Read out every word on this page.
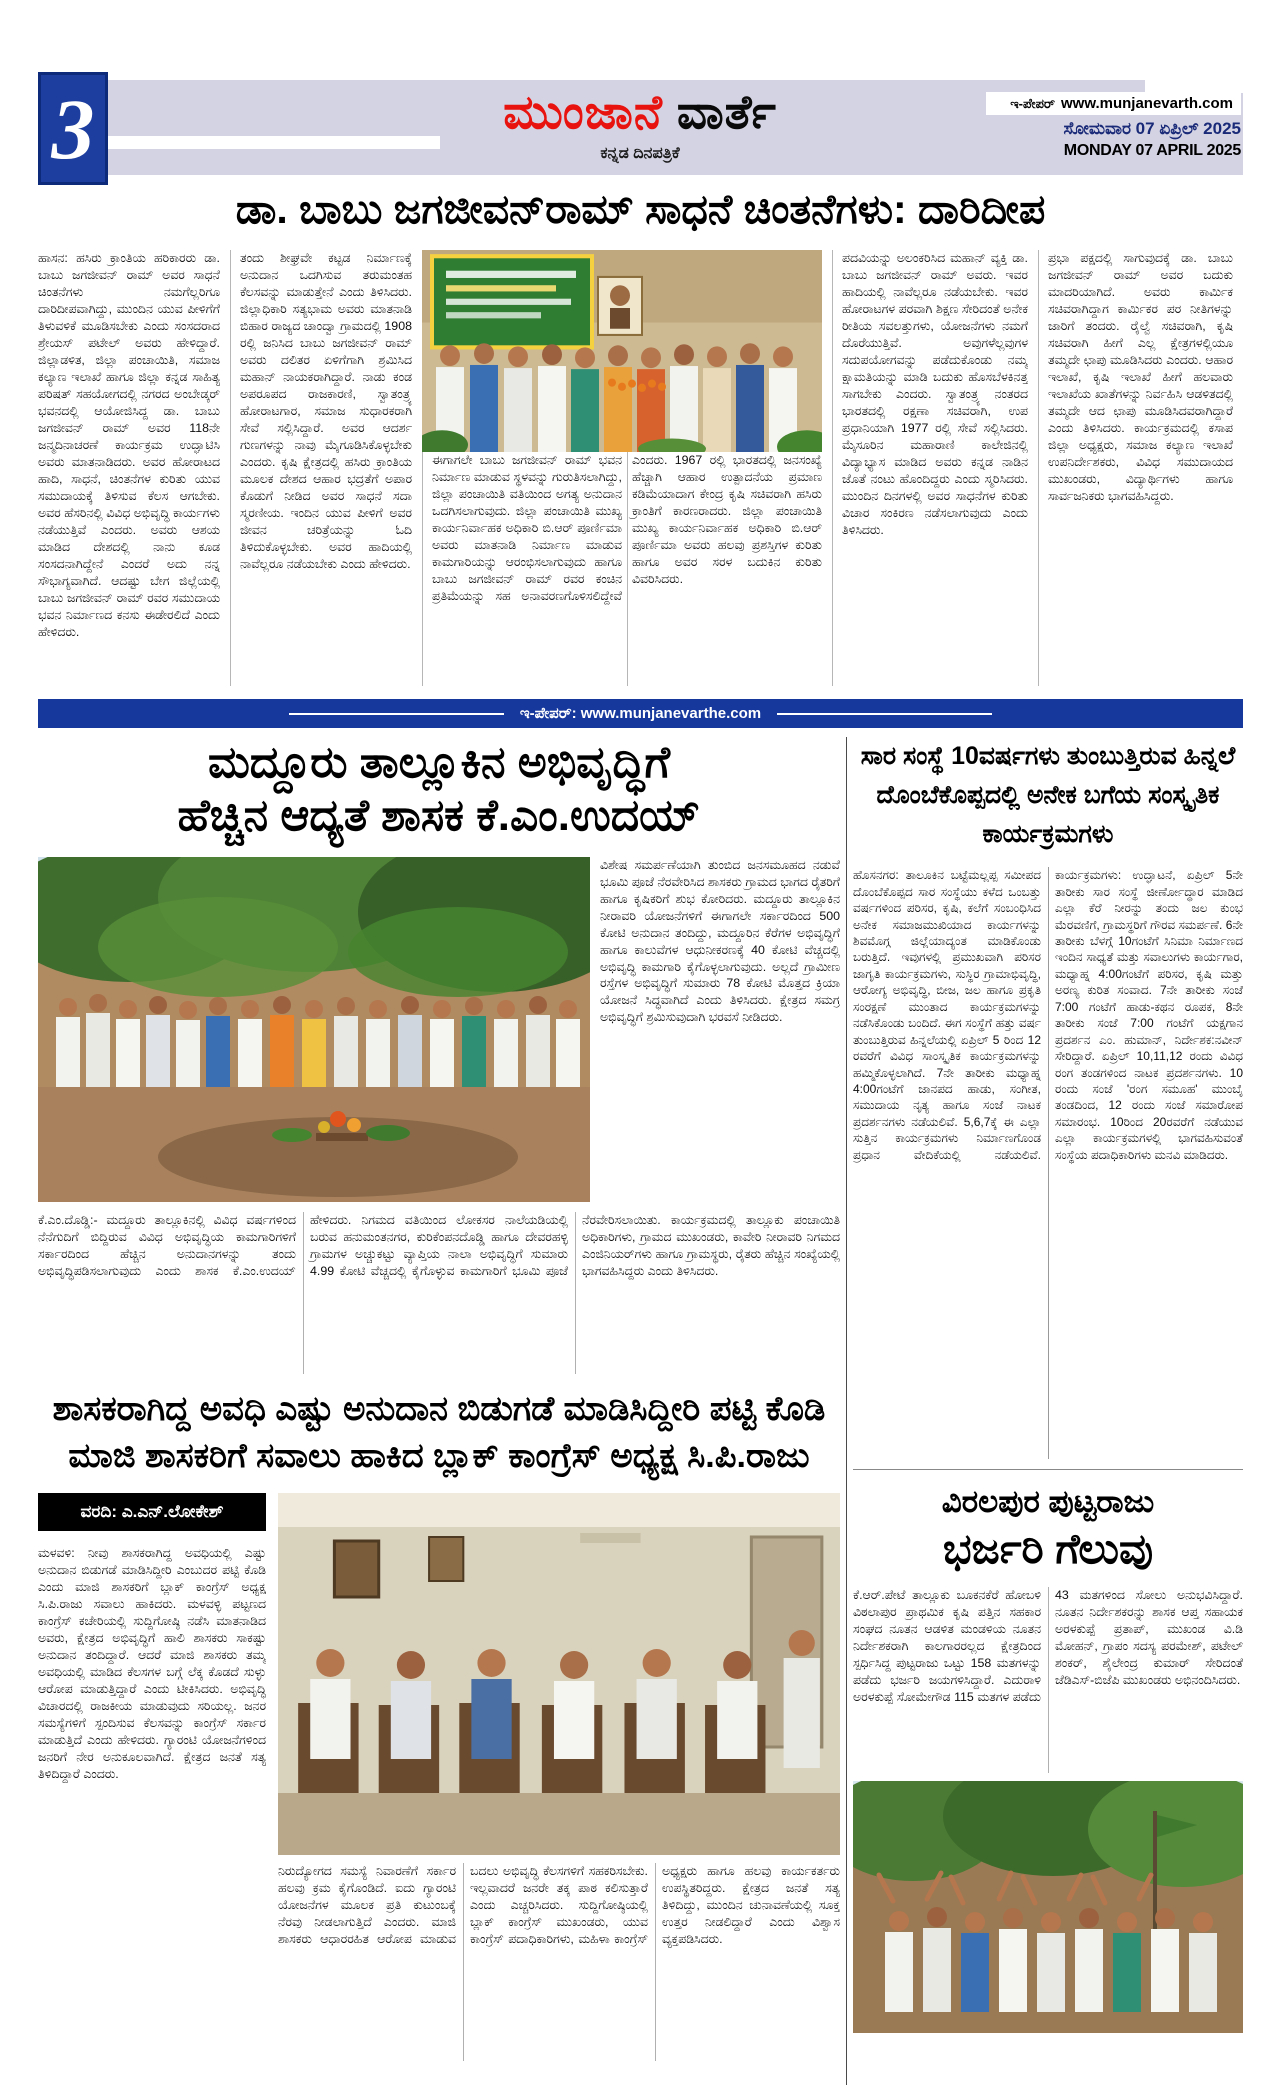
3	ಮುಂಜಾನೆ ವಾರ್ತೆ
ಕನ್ನಡ ದಿನಪತ್ರಿಕೆ
ಇ-ಪೇಪರ್ www.munjanevarth.com
ಸೋಮವಾರ 07 ಏಪ್ರಿಲ್ 2025
MONDAY 07 APRIL 2025
ಡಾ. ಬಾಬು ಜಗಜೀವನ್‌ರಾಮ್ ಸಾಧನೆ ಚಿಂತನೆಗಳು: ದಾರಿದೀಪ
ಹಾಸನ: ಹಸಿರು ಕ್ರಾಂತಿಯ ಹರಿಕಾರರು ಡಾ. ಬಾಬು ಜಗಜೀವನ್ ರಾಮ್ ಅವರ ಸಾಧನೆ ಚಿಂತನೆಗಳು ನಮಗೆಲ್ಲರಿಗೂ ದಾರಿದೀಪವಾಗಿದ್ದು, ಮುಂದಿನ ಯುವ ಪೀಳಿಗೆಗೆ ತಿಳುವಳಿಕೆ ಮೂಡಿಸಬೇಕು ಎಂದು ಸಂಸದರಾದ ಶ್ರೇಯಸ್ ಪಟೇಲ್ ಅವರು ಹೇಳಿದ್ದಾರೆ. ಜಿಲ್ಲಾಡಳಿತ, ಜಿಲ್ಲಾ ಪಂಚಾಯಿತಿ, ಸಮಾಜ ಕಲ್ಯಾಣ ಇಲಾಖೆ ಹಾಗೂ ಜಿಲ್ಲಾ ಕನ್ನಡ ಸಾಹಿತ್ಯ ಪರಿಷತ್ ಸಹಯೋಗದಲ್ಲಿ ನಗರದ ಅಂಬೇಡ್ಕರ್ ಭವನದಲ್ಲಿ ಆಯೋಜಿಸಿದ್ದ ಡಾ. ಬಾಬು ಜಗಜೀವನ್ ರಾಮ್ ಅವರ 118ನೇ ಜನ್ಮದಿನಾಚರಣೆ ಕಾರ್ಯಕ್ರಮ ಉದ್ಘಾಟಿಸಿ ಅವರು ಮಾತನಾಡಿದರು. ಅವರ ಹೋರಾಟದ ಹಾದಿ, ಸಾಧನೆ, ಚಿಂತನೆಗಳ ಕುರಿತು ಯುವ ಸಮುದಾಯಕ್ಕೆ ತಿಳಿಸುವ ಕೆಲಸ ಆಗಬೇಕು. ಅವರ ಹೆಸರಿನಲ್ಲಿ ವಿವಿಧ ಅಭಿವೃದ್ಧಿ ಕಾರ್ಯಗಳು ನಡೆಯುತ್ತಿವೆ ಎಂದರು. ಅವರು ಆಶಯ ಮಾಡಿದ ದೇಶದಲ್ಲಿ ನಾನು ಕೂಡ ಸಂಸದನಾಗಿದ್ದೇನೆ ಎಂದರೆ ಅದು ನನ್ನ ಸೌಭಾಗ್ಯವಾಗಿದೆ. ಆದಷ್ಟು ಬೇಗ ಜಿಲ್ಲೆಯಲ್ಲಿ ಬಾಬು ಜಗಜೀವನ್ ರಾಮ್ ರವರ ಸಮುದಾಯ ಭವನ ನಿರ್ಮಾಣದ ಕನಸು ಈಡೇರಲಿದೆ ಎಂದು ಹೇಳಿದರು.
ತಂದು ಶೀಘ್ರವೇ ಕಟ್ಟಡ ನಿರ್ಮಾಣಕ್ಕೆ ಅನುದಾನ ಒದಗಿಸುವ ತರುಮಂತಹ ಕೆಲಸವನ್ನು ಮಾಡುತ್ತೇನೆ ಎಂದು ತಿಳಿಸಿದರು. ಜಿಲ್ಲಾಧಿಕಾರಿ ಸತ್ಯಭಾಮ ಅವರು ಮಾತನಾಡಿ ಬಿಹಾರ ರಾಜ್ಯದ ಚಾಂದ್ವಾ ಗ್ರಾಮದಲ್ಲಿ 1908 ರಲ್ಲಿ ಜನಿಸಿದ ಬಾಬು ಜಗಜೀವನ್ ರಾಮ್ ಅವರು ದಲಿತರ ಏಳಿಗೆಗಾಗಿ ಶ್ರಮಿಸಿದ ಮಹಾನ್ ನಾಯಕರಾಗಿದ್ದಾರೆ. ನಾಡು ಕಂಡ ಅಪರೂಪದ ರಾಜಕಾರಣಿ, ಸ್ವಾತಂತ್ರ್ಯ ಹೋರಾಟಗಾರ, ಸಮಾಜ ಸುಧಾರಕರಾಗಿ ಸೇವೆ ಸಲ್ಲಿಸಿದ್ದಾರೆ. ಅವರ ಆದರ್ಶ ಗುಣಗಳನ್ನು ನಾವು ಮೈಗೂಡಿಸಿಕೊಳ್ಳಬೇಕು ಎಂದರು. ಕೃಷಿ ಕ್ಷೇತ್ರದಲ್ಲಿ ಹಸಿರು ಕ್ರಾಂತಿಯ ಮೂಲಕ ದೇಶದ ಆಹಾರ ಭದ್ರತೆಗೆ ಅಪಾರ ಕೊಡುಗೆ ನೀಡಿದ ಅವರ ಸಾಧನೆ ಸದಾ ಸ್ಮರಣೀಯ. ಇಂದಿನ ಯುವ ಪೀಳಿಗೆ ಅವರ ಜೀವನ ಚರಿತ್ರೆಯನ್ನು ಓದಿ ತಿಳಿದುಕೊಳ್ಳಬೇಕು. ಅವರ ಹಾದಿಯಲ್ಲಿ ನಾವೆಲ್ಲರೂ ನಡೆಯಬೇಕು ಎಂದು ಹೇಳಿದರು.
ಈಗಾಗಲೇ ಬಾಬು ಜಗಜೀವನ್ ರಾಮ್ ಭವನ ನಿರ್ಮಾಣ ಮಾಡುವ ಸ್ಥಳವನ್ನು ಗುರುತಿಸಲಾಗಿದ್ದು, ಜಿಲ್ಲಾ ಪಂಚಾಯಿತಿ ವತಿಯಿಂದ ಅಗತ್ಯ ಅನುದಾನ ಒದಗಿಸಲಾಗುವುದು. ಜಿಲ್ಲಾ ಪಂಚಾಯಿತಿ ಮುಖ್ಯ ಕಾರ್ಯನಿರ್ವಾಹಕ ಅಧಿಕಾರಿ ಬಿ.ಆರ್ ಪೂರ್ಣಿಮಾ ಅವರು ಮಾತನಾಡಿ ನಿರ್ಮಾಣ ಮಾಡುವ ಕಾಮಗಾರಿಯನ್ನು ಆರಂಭಿಸಲಾಗುವುದು ಹಾಗೂ ಬಾಬು ಜಗಜೀವನ್ ರಾಮ್ ರವರ ಕಂಚಿನ ಪ್ರತಿಮೆಯನ್ನು ಸಹ ಅನಾವರಣಗೊಳಿಸಲಿದ್ದೇವೆ ಎಂದರು. 1967 ರಲ್ಲಿ ಭಾರತದಲ್ಲಿ ಜನಸಂಖ್ಯೆ ಹೆಚ್ಚಾಗಿ ಆಹಾರ ಉತ್ಪಾದನೆಯ ಪ್ರಮಾಣ ಕಡಿಮೆಯಾದಾಗ ಕೇಂದ್ರ ಕೃಷಿ ಸಚಿವರಾಗಿ ಹಸಿರು ಕ್ರಾಂತಿಗೆ ಕಾರಣರಾದರು. ಜಿಲ್ಲಾ ಪಂಚಾಯಿತಿ ಮುಖ್ಯ ಕಾರ್ಯನಿರ್ವಾಹಕ ಅಧಿಕಾರಿ ಬಿ.ಆರ್ ಪೂರ್ಣಿಮಾ ಅವರು ಹಲವು ಪ್ರಶಸ್ತಿಗಳ ಕುರಿತು ಹಾಗೂ ಅವರ ಸರಳ ಬದುಕಿನ ಕುರಿತು ವಿವರಿಸಿದರು.
ಪದವಿಯನ್ನು ಅಲಂಕರಿಸಿದ ಮಹಾನ್ ವ್ಯಕ್ತಿ ಡಾ. ಬಾಬು ಜಗಜೀವನ್ ರಾಮ್ ಅವರು. ಇವರ ಹಾದಿಯಲ್ಲಿ ನಾವೆಲ್ಲರೂ ನಡೆಯಬೇಕು. ಇವರ ಹೋರಾಟಗಳ ಪರವಾಗಿ ಶಿಕ್ಷಣ ಸೇರಿದಂತೆ ಅನೇಕ ರೀತಿಯ ಸವಲತ್ತುಗಳು, ಯೋಜನೆಗಳು ನಮಗೆ ದೊರೆಯುತ್ತಿವೆ. ಅವುಗಳೆಲ್ಲವುಗಳ ಸದುಪಯೋಗವನ್ನು ಪಡೆದುಕೊಂಡು ನಮ್ಮ ಕ್ಷಾಮತಿಯನ್ನು ಮಾಡಿ ಬದುಕು ಹೊಸಬೆಳಕಿನತ್ತ ಸಾಗಬೇಕು ಎಂದರು. ಸ್ವಾತಂತ್ರ್ಯ ನಂತರದ ಭಾರತದಲ್ಲಿ ರಕ್ಷಣಾ ಸಚಿವರಾಗಿ, ಉಪ ಪ್ರಧಾನಿಯಾಗಿ 1977 ರಲ್ಲಿ ಸೇವೆ ಸಲ್ಲಿಸಿದರು. ಮೈಸೂರಿನ ಮಹಾರಾಣಿ ಕಾಲೇಜಿನಲ್ಲಿ ವಿದ್ಯಾಭ್ಯಾಸ ಮಾಡಿದ ಅವರು ಕನ್ನಡ ನಾಡಿನ ಜೊತೆ ನಂಟು ಹೊಂದಿದ್ದರು ಎಂದು ಸ್ಮರಿಸಿದರು. ಮುಂದಿನ ದಿನಗಳಲ್ಲಿ ಅವರ ಸಾಧನೆಗಳ ಕುರಿತು ವಿಚಾರ ಸಂಕಿರಣ ನಡೆಸಲಾಗುವುದು ಎಂದು ತಿಳಿಸಿದರು.
ಪ್ರಭಾ ಪಕ್ಷದಲ್ಲಿ ಸಾಗುವುದಕ್ಕೆ ಡಾ. ಬಾಬು ಜಗಜೀವನ್ ರಾಮ್ ಅವರ ಬದುಕು ಮಾದರಿಯಾಗಿದೆ. ಅವರು ಕಾರ್ಮಿಕ ಸಚಿವರಾಗಿದ್ದಾಗ ಕಾರ್ಮಿಕರ ಪರ ನೀತಿಗಳನ್ನು ಜಾರಿಗೆ ತಂದರು. ರೈಲ್ವೆ ಸಚಿವರಾಗಿ, ಕೃಷಿ ಸಚಿವರಾಗಿ ಹೀಗೆ ಎಲ್ಲ ಕ್ಷೇತ್ರಗಳಲ್ಲಿಯೂ ತಮ್ಮದೇ ಛಾಪು ಮೂಡಿಸಿದರು ಎಂದರು. ಆಹಾರ ಇಲಾಖೆ, ಕೃಷಿ ಇಲಾಖೆ ಹೀಗೆ ಹಲವಾರು ಇಲಾಖೆಯ ಖಾತೆಗಳನ್ನು ನಿರ್ವಹಿಸಿ ಆಡಳಿತದಲ್ಲಿ ತಮ್ಮದೇ ಆದ ಛಾಪು ಮೂಡಿಸಿದವರಾಗಿದ್ದಾರೆ ಎಂದು ತಿಳಿಸಿದರು. ಕಾರ್ಯಕ್ರಮದಲ್ಲಿ ಕಸಾಪ ಜಿಲ್ಲಾ ಅಧ್ಯಕ್ಷರು, ಸಮಾಜ ಕಲ್ಯಾಣ ಇಲಾಖೆ ಉಪನಿರ್ದೇಶಕರು, ವಿವಿಧ ಸಮುದಾಯದ ಮುಖಂಡರು, ವಿದ್ಯಾರ್ಥಿಗಳು ಹಾಗೂ ಸಾರ್ವಜನಿಕರು ಭಾಗವಹಿಸಿದ್ದರು.
ಇ-ಪೇಪರ್: www.munjanevarthe.com
ಮದ್ದೂರು ತಾಲ್ಲೂಕಿನ ಅಭಿವೃದ್ಧಿಗೆ
ಹೆಚ್ಚಿನ ಆದ್ಯತೆ ಶಾಸಕ ಕೆ.ಎಂ.ಉದಯ್
ವಿಶೇಷ ಸಮರ್ಪಣೆಯಾಗಿ ತುಂಬಿದ ಜನಸಮೂಹದ ನಡುವೆ ಭೂಮಿ ಪೂಜೆ ನೆರವೇರಿಸಿದ ಶಾಸಕರು ಗ್ರಾಮದ ಭಾಗದ ರೈತರಿಗೆ ಹಾಗೂ ಕೃಷಿಕರಿಗೆ ಶುಭ ಕೋರಿದರು. ಮದ್ದೂರು ತಾಲ್ಲೂಕಿನ ನೀರಾವರಿ ಯೋಜನೆಗಳಿಗೆ ಈಗಾಗಲೇ ಸರ್ಕಾರದಿಂದ 500 ಕೋಟಿ ಅನುದಾನ ತಂದಿದ್ದು, ಮದ್ದೂರಿನ ಕೆರೆಗಳ ಅಭಿವೃದ್ಧಿಗೆ ಹಾಗೂ ಕಾಲುವೆಗಳ ಆಧುನೀಕರಣಕ್ಕೆ 40 ಕೋಟಿ ವೆಚ್ಚದಲ್ಲಿ ಅಭಿವೃದ್ಧಿ ಕಾಮಗಾರಿ ಕೈಗೊಳ್ಳಲಾಗುವುದು. ಅಲ್ಲದೆ ಗ್ರಾಮೀಣ ರಸ್ತೆಗಳ ಅಭಿವೃದ್ಧಿಗೆ ಸುಮಾರು 78 ಕೋಟಿ ಮೊತ್ತದ ಕ್ರಿಯಾ ಯೋಜನೆ ಸಿದ್ಧವಾಗಿದೆ ಎಂದು ತಿಳಿಸಿದರು. ಕ್ಷೇತ್ರದ ಸಮಗ್ರ ಅಭಿವೃದ್ಧಿಗೆ ಶ್ರಮಿಸುವುದಾಗಿ ಭರವಸೆ ನೀಡಿದರು.
ಕೆ.ಎಂ.ದೊಡ್ಡಿ:- ಮದ್ದೂರು ತಾಲ್ಲೂಕಿನಲ್ಲಿ ವಿವಿಧ ವರ್ಷಗಳಿಂದ ನೆನೆಗುದಿಗೆ ಬಿದ್ದಿರುವ ವಿವಿಧ ಅಭಿವೃದ್ಧಿಯ ಕಾಮಗಾರಿಗಳಿಗೆ ಸರ್ಕಾರದಿಂದ ಹೆಚ್ಚಿನ ಅನುದಾನಗಳನ್ನು ತಂದು ಅಭಿವೃದ್ಧಿಪಡಿಸಲಾಗುವುದು ಎಂದು ಶಾಸಕ ಕೆ.ಎಂ.ಉದಯ್ ಹೇಳಿದರು. ನಿಗಮದ ವತಿಯಿಂದ ಲೋಕಸರ ನಾಲೆಯಡಿಯಲ್ಲಿ ಬರುವ ಹನುಮಂತನಗರ, ಕುರಿಕೆಂಪನದೊಡ್ಡಿ ಹಾಗೂ ದೇವರಹಳ್ಳಿ ಗ್ರಾಮಗಳ ಅಚ್ಚುಕಟ್ಟು ವ್ಯಾಪ್ತಿಯ ನಾಲಾ ಅಭಿವೃದ್ಧಿಗೆ ಸುಮಾರು 4.99 ಕೋಟಿ ವೆಚ್ಚದಲ್ಲಿ ಕೈಗೊಳ್ಳುವ ಕಾಮಗಾರಿಗೆ ಭೂಮಿ ಪೂಜೆ ನೆರವೇರಿಸಲಾಯಿತು. ಕಾರ್ಯಕ್ರಮದಲ್ಲಿ ತಾಲ್ಲೂಕು ಪಂಚಾಯಿತಿ ಅಧಿಕಾರಿಗಳು, ಗ್ರಾಮದ ಮುಖಂಡರು, ಕಾವೇರಿ ನೀರಾವರಿ ನಿಗಮದ ಎಂಜಿನಿಯರ್‌ಗಳು ಹಾಗೂ ಗ್ರಾಮಸ್ಥರು, ರೈತರು ಹೆಚ್ಚಿನ ಸಂಖ್ಯೆಯಲ್ಲಿ ಭಾಗವಹಿಸಿದ್ದರು ಎಂದು ತಿಳಿಸಿದರು.
ಶಾಸಕರಾಗಿದ್ದ ಅವಧಿ ಎಷ್ಟು ಅನುದಾನ ಬಿಡುಗಡೆ ಮಾಡಿಸಿದ್ದೀರಿ ಪಟ್ಟಿ ಕೊಡಿ
ಮಾಜಿ ಶಾಸಕರಿಗೆ ಸವಾಲು ಹಾಕಿದ ಬ್ಲಾಕ್ ಕಾಂಗ್ರೆಸ್ ಅಧ್ಯಕ್ಷ ಸಿ.ಪಿ.ರಾಜು
ವರದಿ: ಎ.ಎನ್.ಲೋಕೇಶ್
ಮಳವಳಿ: ನೀವು ಶಾಸಕರಾಗಿದ್ದ ಅವಧಿಯಲ್ಲಿ ಎಷ್ಟು ಅನುದಾನ ಬಿಡುಗಡೆ ಮಾಡಿಸಿದ್ದೀರಿ ಎಂಬುದರ ಪಟ್ಟಿ ಕೊಡಿ ಎಂದು ಮಾಜಿ ಶಾಸಕರಿಗೆ ಬ್ಲಾಕ್ ಕಾಂಗ್ರೆಸ್ ಅಧ್ಯಕ್ಷ ಸಿ.ಪಿ.ರಾಜು ಸವಾಲು ಹಾಕಿದರು. ಮಳವಳ್ಳಿ ಪಟ್ಟಣದ ಕಾಂಗ್ರೆಸ್ ಕಚೇರಿಯಲ್ಲಿ ಸುದ್ದಿಗೋಷ್ಠಿ ನಡೆಸಿ ಮಾತನಾಡಿದ ಅವರು, ಕ್ಷೇತ್ರದ ಅಭಿವೃದ್ಧಿಗೆ ಹಾಲಿ ಶಾಸಕರು ಸಾಕಷ್ಟು ಅನುದಾನ ತಂದಿದ್ದಾರೆ. ಆದರೆ ಮಾಜಿ ಶಾಸಕರು ತಮ್ಮ ಅವಧಿಯಲ್ಲಿ ಮಾಡಿದ ಕೆಲಸಗಳ ಬಗ್ಗೆ ಲೆಕ್ಕ ಕೊಡದೆ ಸುಳ್ಳು ಆರೋಪ ಮಾಡುತ್ತಿದ್ದಾರೆ ಎಂದು ಟೀಕಿಸಿದರು. ಅಭಿವೃದ್ಧಿ ವಿಚಾರದಲ್ಲಿ ರಾಜಕೀಯ ಮಾಡುವುದು ಸರಿಯಲ್ಲ. ಜನರ ಸಮಸ್ಯೆಗಳಿಗೆ ಸ್ಪಂದಿಸುವ ಕೆಲಸವನ್ನು ಕಾಂಗ್ರೆಸ್ ಸರ್ಕಾರ ಮಾಡುತ್ತಿದೆ ಎಂದು ಹೇಳಿದರು. ಗ್ಯಾರಂಟಿ ಯೋಜನೆಗಳಿಂದ ಜನರಿಗೆ ನೇರ ಅನುಕೂಲವಾಗಿದೆ. ಕ್ಷೇತ್ರದ ಜನತೆ ಸತ್ಯ ತಿಳಿದಿದ್ದಾರೆ ಎಂದರು.
ನಿರುದ್ಯೋಗದ ಸಮಸ್ಯೆ ನಿವಾರಣೆಗೆ ಸರ್ಕಾರ ಹಲವು ಕ್ರಮ ಕೈಗೊಂಡಿದೆ. ಐದು ಗ್ಯಾರಂಟಿ ಯೋಜನೆಗಳ ಮೂಲಕ ಪ್ರತಿ ಕುಟುಂಬಕ್ಕೆ ನೆರವು ನೀಡಲಾಗುತ್ತಿದೆ ಎಂದರು. ಮಾಜಿ ಶಾಸಕರು ಆಧಾರರಹಿತ ಆರೋಪ ಮಾಡುವ ಬದಲು ಅಭಿವೃದ್ಧಿ ಕೆಲಸಗಳಿಗೆ ಸಹಕರಿಸಬೇಕು. ಇಲ್ಲವಾದರೆ ಜನರೇ ತಕ್ಕ ಪಾಠ ಕಲಿಸುತ್ತಾರೆ ಎಂದು ಎಚ್ಚರಿಸಿದರು. ಸುದ್ದಿಗೋಷ್ಠಿಯಲ್ಲಿ ಬ್ಲಾಕ್ ಕಾಂಗ್ರೆಸ್ ಮುಖಂಡರು, ಯುವ ಕಾಂಗ್ರೆಸ್ ಪದಾಧಿಕಾರಿಗಳು, ಮಹಿಳಾ ಕಾಂಗ್ರೆಸ್ ಅಧ್ಯಕ್ಷರು ಹಾಗೂ ಹಲವು ಕಾರ್ಯಕರ್ತರು ಉಪಸ್ಥಿತರಿದ್ದರು. ಕ್ಷೇತ್ರದ ಜನತೆ ಸತ್ಯ ತಿಳಿದಿದ್ದು, ಮುಂದಿನ ಚುನಾವಣೆಯಲ್ಲಿ ಸೂಕ್ತ ಉತ್ತರ ನೀಡಲಿದ್ದಾರೆ ಎಂದು ವಿಶ್ವಾಸ ವ್ಯಕ್ತಪಡಿಸಿದರು.
ಸಾರ ಸಂಸ್ಥೆ 10ವರ್ಷಗಳು ತುಂಬುತ್ತಿರುವ ಹಿನ್ನಲೆ ದೊಂಬೆಕೊಪ್ಪದಲ್ಲಿ ಅನೇಕ ಬಗೆಯ ಸಂಸ್ಕೃತಿಕ ಕಾರ್ಯಕ್ರಮಗಳು
ಹೊಸನಗರ: ತಾಲೂಕಿನ ಬಟ್ಟೆಮಲ್ಲಪ್ಪ ಸಮೀಪದ ದೊಂಬೆಕೊಪ್ಪದ ಸಾರ ಸಂಸ್ಥೆಯು ಕಳೆದ ಒಂಬತ್ತು ವರ್ಷಗಳಿಂದ ಪರಿಸರ, ಕೃಷಿ, ಕಲೆಗೆ ಸಂಬಂಧಿಸಿದ ಅನೇಕ ಸಮಾಜಮುಖಿಯಾದ ಕಾರ್ಯಗಳನ್ನು ಶಿವಮೊಗ್ಗ ಜಿಲ್ಲೆಯಾದ್ಯಂತ ಮಾಡಿಕೊಂಡು ಬರುತ್ತಿದೆ. ಇವುಗಳಲ್ಲಿ ಪ್ರಮುಖವಾಗಿ ಪರಿಸರ ಜಾಗೃತಿ ಕಾರ್ಯಕ್ರಮಗಳು, ಸುಸ್ಥಿರ ಗ್ರಾಮಾಭಿವೃದ್ಧಿ, ಆರೋಗ್ಯ ಅಭಿವೃದ್ಧಿ, ಬೀಜ, ಜಲ ಹಾಗೂ ಪ್ರಕೃತಿ ಸಂರಕ್ಷಣೆ ಮುಂತಾದ ಕಾರ್ಯಕ್ರಮಗಳನ್ನು ನಡೆಸಿಕೊಂಡು ಬಂದಿದೆ. ಈಗ ಸಂಸ್ಥೆಗೆ ಹತ್ತು ವರ್ಷ ತುಂಬುತ್ತಿರುವ ಹಿನ್ನಲೆಯಲ್ಲಿ ಏಪ್ರಿಲ್ 5 ರಿಂದ 12 ರವರೆಗೆ ವಿವಿಧ ಸಾಂಸ್ಕೃತಿಕ ಕಾರ್ಯಕ್ರಮಗಳನ್ನು ಹಮ್ಮಿಕೊಳ್ಳಲಾಗಿದೆ. 7ನೇ ತಾರೀಕು ಮಧ್ಯಾಹ್ನ 4:00ಗಂಟೆಗೆ ಜಾನಪದ ಹಾಡು, ಸಂಗೀತ, ಸಮುದಾಯ ನೃತ್ಯ ಹಾಗೂ ಸಂಜೆ ನಾಟಕ ಪ್ರದರ್ಶನಗಳು ನಡೆಯಲಿವೆ. 5,6,7ಕ್ಕೆ ಈ ಎಲ್ಲಾ ಸುತ್ತಿನ ಕಾರ್ಯಕ್ರಮಗಳು ನಿರ್ಮಾಣಗೊಂಡ ಪ್ರಧಾನ ವೇದಿಕೆಯಲ್ಲಿ ನಡೆಯಲಿವೆ. ಕಾರ್ಯಕ್ರಮಗಳು: ಉದ್ಘಾಟನೆ, ಏಪ್ರಿಲ್ 5ನೇ ತಾರೀಕು ಸಾರ ಸಂಸ್ಥೆ ಜೀರ್ಣೋದ್ಧಾರ ಮಾಡಿದ ಎಲ್ಲಾ ಕೆರೆ ನೀರನ್ನು ತಂದು ಜಲ ಕುಂಭ ಮೆರವಣಿಗೆ, ಗ್ರಾಮಸ್ಥರಿಗೆ ಗೌರವ ಸಮರ್ಪಣೆ. 6ನೇ ತಾರೀಕು ಬೆಳಗ್ಗೆ 10ಗಂಟೆಗೆ ಸಿನಿಮಾ ನಿರ್ಮಾಣದ ಇಂದಿನ ಸಾಧ್ಯತೆ ಮತ್ತು ಸವಾಲುಗಳು ಕಾರ್ಯಗಾರ, ಮಧ್ಯಾಹ್ನ 4:00ಗಂಟೆಗೆ ಪರಿಸರ, ಕೃಷಿ ಮತ್ತು ಅರಣ್ಯ ಕುರಿತ ಸಂವಾದ. 7ನೇ ತಾರೀಕು ಸಂಜೆ 7:00 ಗಂಟೆಗೆ ಹಾಡು-ಕಥನ ರೂಪಕ, 8ನೇ ತಾರೀಕು ಸಂಜೆ 7:00 ಗಂಟೆಗೆ ಯಕ್ಷಗಾನ ಪ್ರದರ್ಶನ ಎಂ. ಹುಮಾನ್, ನಿರ್ದೇಶಕ:ನವೀನ್ ಸೇರಿದ್ದಾರೆ. ಏಪ್ರಿಲ್ 10,11,12 ರಂದು ವಿವಿಧ ರಂಗ ತಂಡಗಳಿಂದ ನಾಟಕ ಪ್ರದರ್ಶನಗಳು. 10 ರಂದು ಸಂಜೆ 'ರಂಗ ಸಮೂಹ' ಮುಂಬೈ ತಂಡದಿಂದ, 12 ರಂದು ಸಂಜೆ ಸಮಾರೋಪ ಸಮಾರಂಭ. 10ರಿಂದ 20ರವರೆಗೆ ನಡೆಯುವ ಎಲ್ಲಾ ಕಾರ್ಯಕ್ರಮಗಳಲ್ಲಿ ಭಾಗವಹಿಸುವಂತೆ ಸಂಸ್ಥೆಯ ಪದಾಧಿಕಾರಿಗಳು ಮನವಿ ಮಾಡಿದರು.
ವಿರಲಪುರ ಪುಟ್ಟರಾಜು
ಭರ್ಜರಿ ಗೆಲುವು
ಕೆ.ಆರ್.ಪೇಟೆ ತಾಲ್ಲೂಕು ಬೂಕನಕೆರೆ ಹೋಬಳಿ ವಿಠಲಾಪುರ ಪ್ರಾಥಮಿಕ ಕೃಷಿ ಪತ್ತಿನ ಸಹಕಾರ ಸಂಘದ ನೂತನ ಆಡಳಿತ ಮಂಡಳಿಯ ನೂತನ ನಿರ್ದೇಶಕರಾಗಿ ಕಾಲಗಾರರಲ್ಲದ ಕ್ಷೇತ್ರದಿಂದ ಸ್ಪರ್ಧಿಸಿದ್ದ ಪುಟ್ಟರಾಜು ಒಟ್ಟು 158 ಮತಗಳನ್ನು ಪಡೆದು ಭರ್ಜರಿ ಜಯಗಳಿಸಿದ್ದಾರೆ. ಎದುರಾಳಿ ಅರಳಕುಪ್ಪೆ ಸೋಮೇಗೌಡ 115 ಮತಗಳ ಪಡೆದು 43 ಮತಗಳಿಂದ ಸೋಲು ಅನುಭವಿಸಿದ್ದಾರೆ. ನೂತನ ನಿರ್ದೇಶಕರನ್ನು ಶಾಸಕ ಆಪ್ತ ಸಹಾಯಕ ಅರಳಕುಪ್ಪೆ ಪ್ರತಾಪ್, ಮುಖಂಡ ವಿ.ಡಿ ಮೋಹನ್, ಗ್ರಾಪಂ ಸದಸ್ಯ ಪರಮೇಶ್, ಪಟೇಲ್ ಶಂಕರ್, ಶೈಲೇಂದ್ರ ಕುಮಾರ್ ಸೇರಿದಂತೆ ಜೆಡಿಎಸ್-ಬಿಜೆಪಿ ಮುಖಂಡರು ಅಭಿನಂದಿಸಿದರು.
